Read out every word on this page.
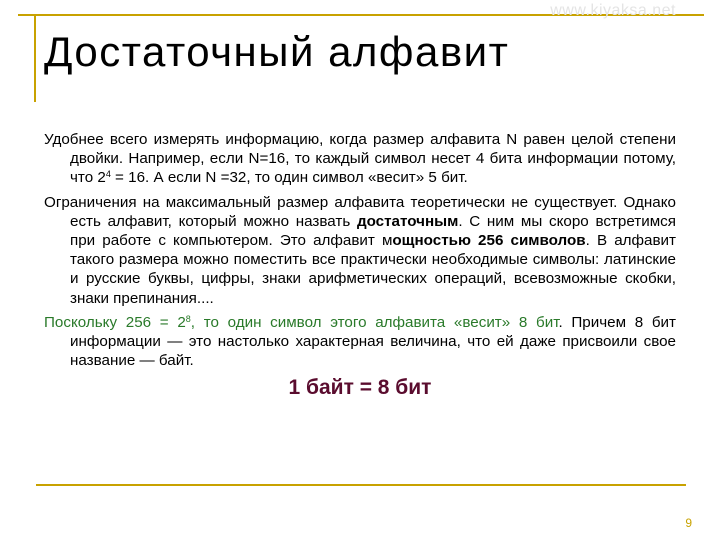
www.kiyaksa.net
Достаточный алфавит

Удобнее всего измерять информацию, когда размер алфавита N равен целой степени двойки. Например, если N=16, то каждый символ несет 4 бита информации потому, что $2^4 = 16$. А если N =32, то один символ «весит» 5 бит.

Ограничения на максимальный размер алфавита теоретически не существует. Однако есть алфавит, который можно назвать достаточным. С ним мы скоро встретимся при работе с компьютером. Это алфавит мощностью 256 символов. В алфавит такого размера можно поместить все практически необходимые символы: латинские и русские буквы, цифры, знаки арифметических операций, всевозможные скобки, знаки препинания....

Поскольку $256 = 2^8$, то один символ этого алфавита «весит» 8 бит. Причем 8 бит информации — это настолько характерная величина, что ей даже присвоили свое название — байт.

1 байт = 8 бит
9
